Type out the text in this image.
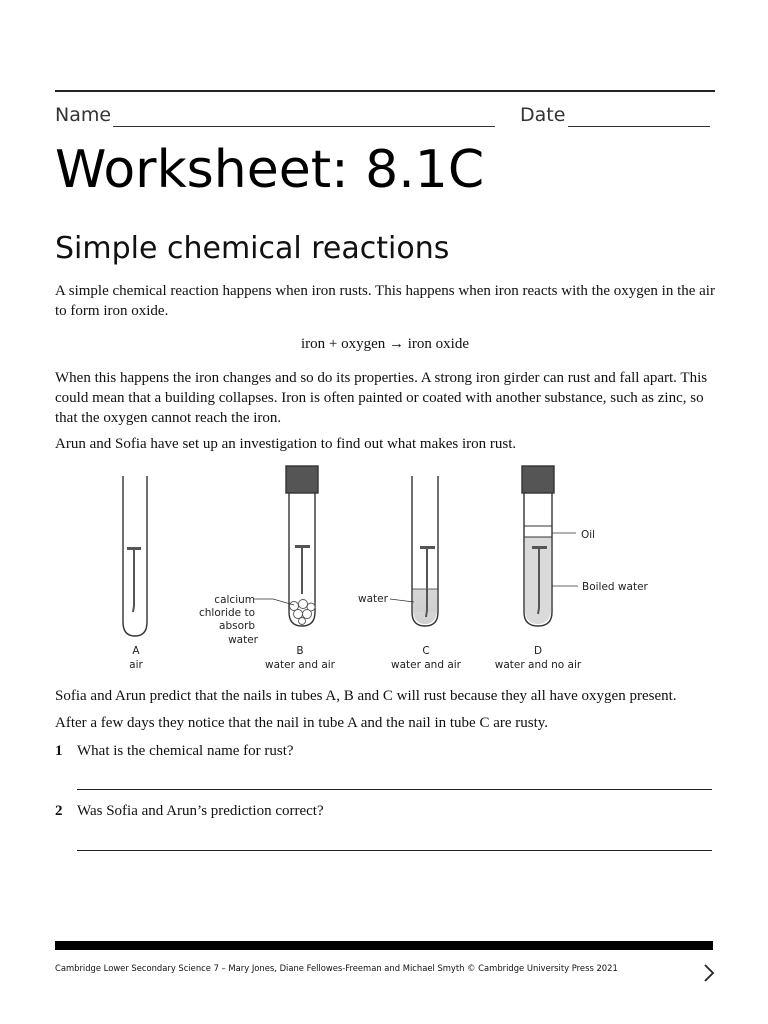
Name	Date
Worksheet: 8.1C
Simple chemical reactions

A simple chemical reaction happens when iron rusts. This happens when iron reacts with the oxygen in the air to form iron oxide.

iron + oxygen → iron oxide

When this happens the iron changes and so do its properties. A strong iron girder can rust and fall apart. This could mean that a building collapses. Iron is often painted or coated with another substance, such as zinc, so that the oxygen cannot reach the iron.

Arun and Sofia have set up an investigation to find out what makes iron rust.

calcium
chloride to
absorb
water
water
Oil
Boiled water
A
air
B
water and air
C
water and air
D
water and no air

Sofia and Arun predict that the nails in tubes A, B and C will rust because they all have oxygen present.

After a few days they notice that the nail in tube A and the nail in tube C are rusty.

1 What is the chemical name for rust?
2 Was Sofia and Arun’s prediction correct?
Cambridge Lower Secondary Science 7 – Mary Jones, Diane Fellowes-Freeman and Michael Smyth © Cambridge University Press 2021
